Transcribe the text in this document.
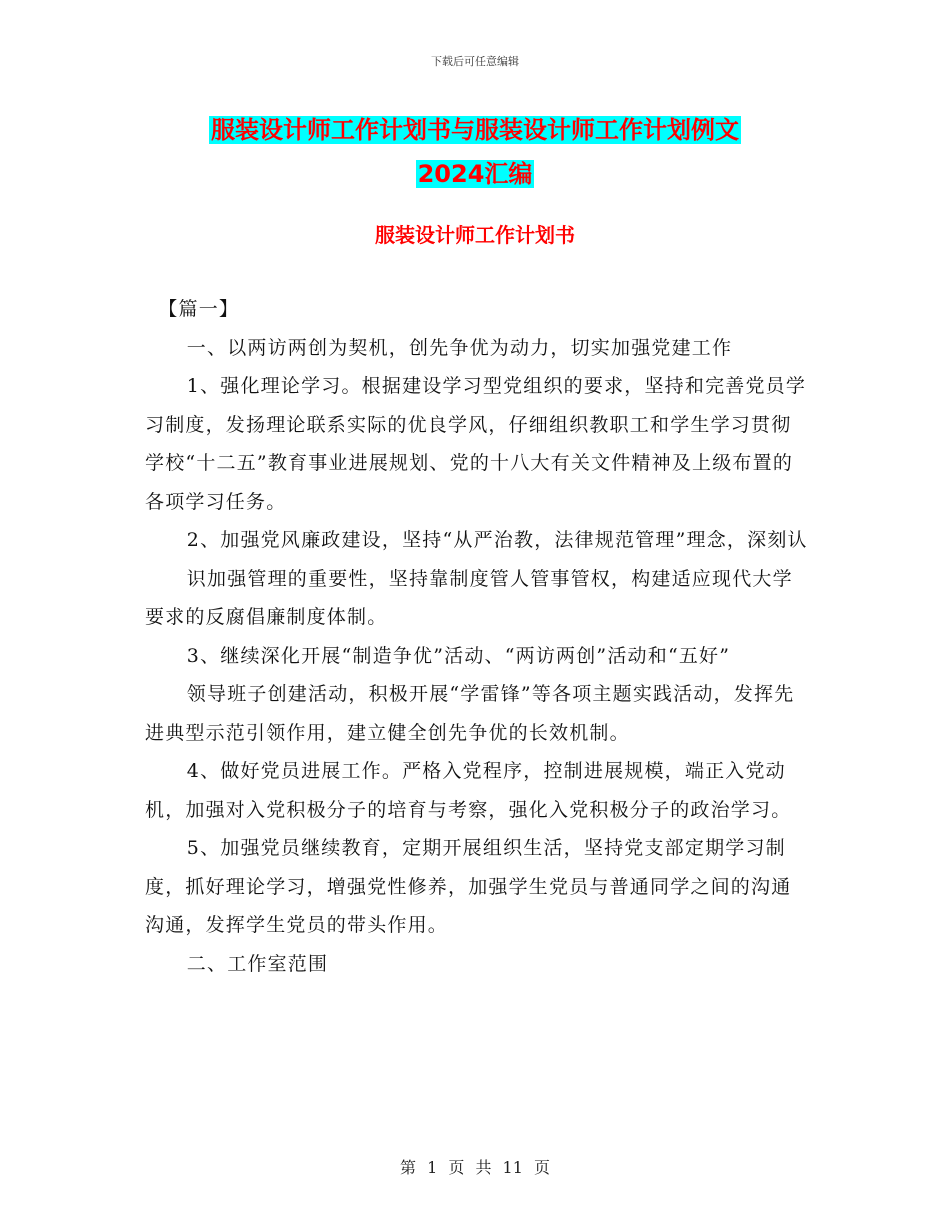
下载后可任意编辑
服装设计师工作计划书与服装设计师工作计划例文
2024汇编
服装设计师工作计划书

【篇一】

一、以两访两创为契机，创先争优为动力，切实加强党建工作

1、强化理论学习。根据建设学习型党组织的要求，坚持和完善党员学习制度，发扬理论联系实际的优良学风，仔细组织教职工和学生学习贯彻学校“十二五”教育事业进展规划、党的十八大有关文件精神及上级布置的各项学习任务。

2、加强党风廉政建设，坚持“从严治教，法律规范管理”理念，深刻认

识加强管理的重要性，坚持靠制度管人管事管权，构建适应现代大学要求的反腐倡廉制度体制。

3、继续深化开展“制造争优”活动、“两访两创”活动和“五好”

领导班子创建活动，积极开展“学雷锋”等各项主题实践活动，发挥先进典型示范引领作用，建立健全创先争优的长效机制。

4、做好党员进展工作。严格入党程序，控制进展规模，端正入党动机，加强对入党积极分子的培育与考察，强化入党积极分子的政治学习。

5、加强党员继续教育，定期开展组织生活，坚持党支部定期学习制度，抓好理论学习，增强党性修养，加强学生党员与普通同学之间的沟通沟通，发挥学生党员的带头作用。

二、工作室范围

第 1 页 共 11 页
